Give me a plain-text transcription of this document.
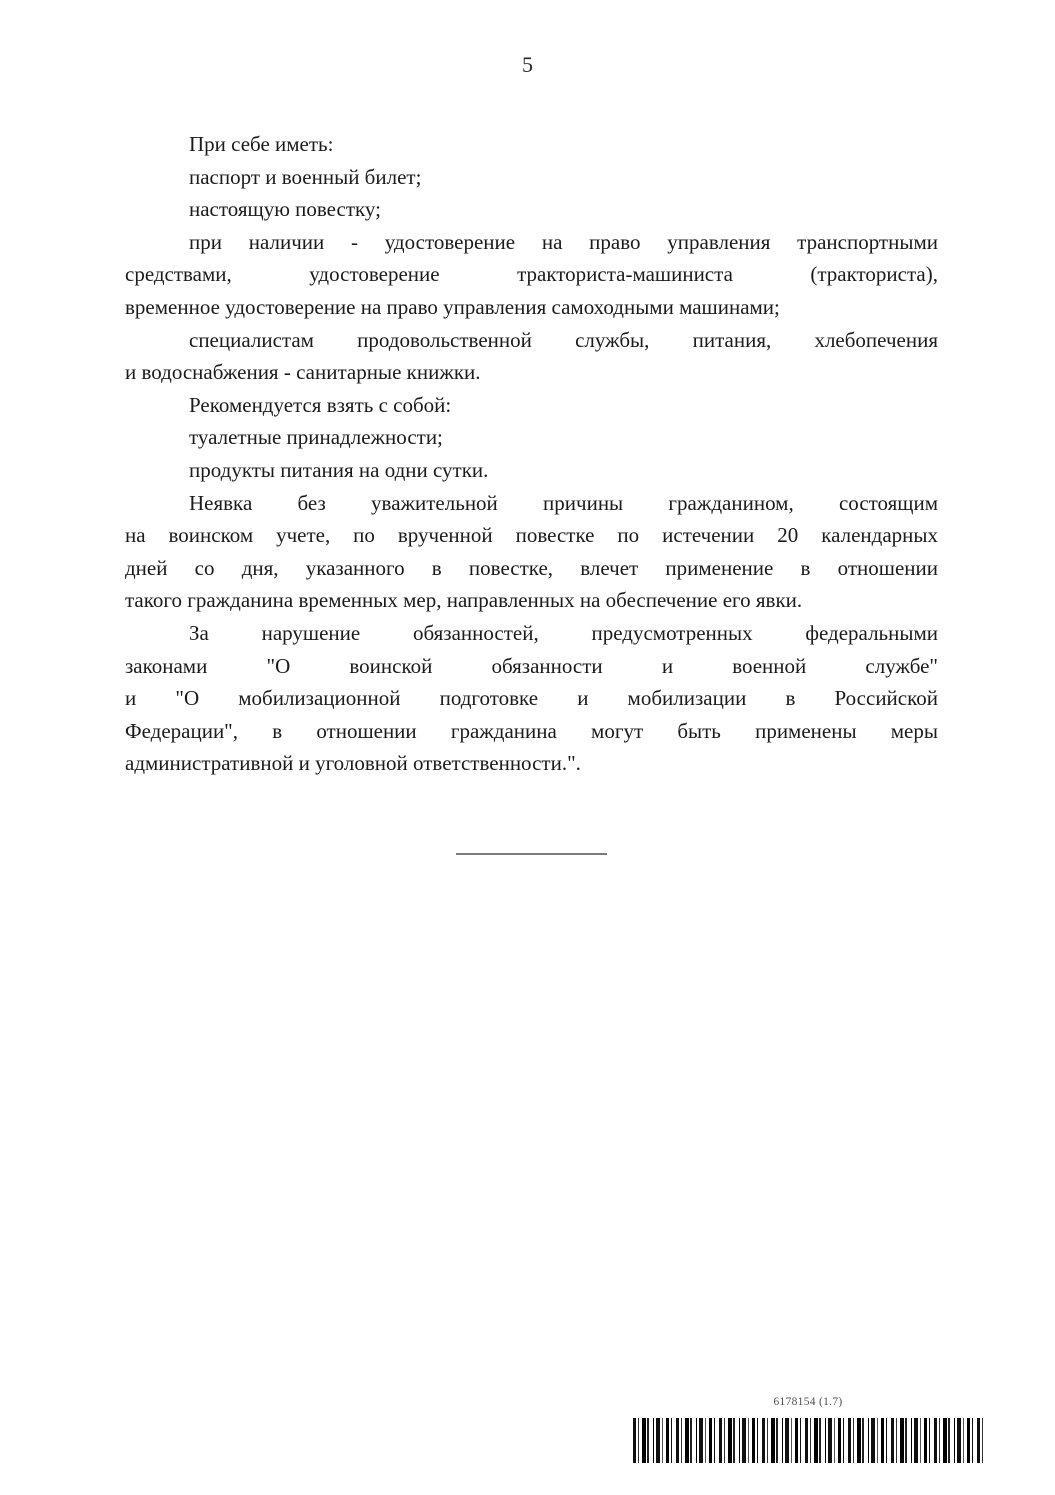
5
При себе иметь:
паспорт и военный билет;
настоящую повестку;
при наличии - удостоверение на право управления транспортными
средствами, удостоверение тракториста-машиниста (тракториста),
временное удостоверение на право управления самоходными машинами;
специалистам продовольственной службы, питания, хлебопечения
и водоснабжения - санитарные книжки.
Рекомендуется взять с собой:
туалетные принадлежности;
продукты питания на одни сутки.
Неявка без уважительной причины гражданином, состоящим
на воинском учете, по врученной повестке по истечении 20 календарных
дней со дня, указанного в повестке, влечет применение в отношении
такого гражданина временных мер, направленных на обеспечение его явки.
За нарушение обязанностей, предусмотренных федеральными
законами "О воинской обязанности и военной службе"
и "О мобилизационной подготовке и мобилизации в Российской
Федерации", в отношении гражданина могут быть применены меры
административной и уголовной ответственности.".
6178154 (1.7)
